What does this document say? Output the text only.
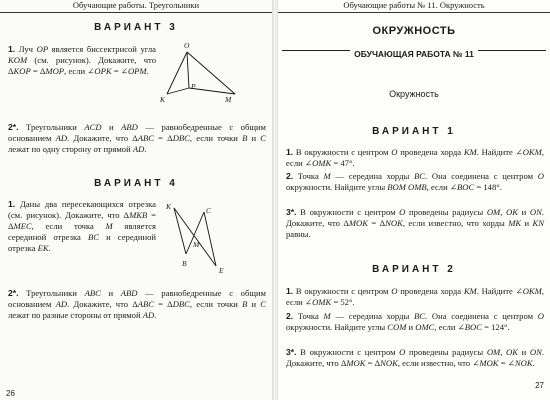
Обучающие работы. Треугольники
ВАРИАНТ 3

1. Луч OP является биссектрисой угла KOM (см. рисунок). Докажите, что ΔKOP = ΔMOP, если ∠OPK = ∠OPM.

O
P
K	M

2*. Треугольники ACD и ABD — равнобедренные с общим основанием AD. Докажите, что ΔABC = ΔDBC, если точки B и C лежат по одну сторону от прямой AD.

ВАРИАНТ 4

1. Даны два пересекающихся отрезка (см. рисунок). Докажите, что ΔMKB = ΔMEC, если точка M является серединой отрезка BC и серединой отрезка EK.

K	C
M
B
E

2*. Треугольники ABC и ABD — равнобедренные с общим основанием AD. Докажите, что ΔABC = ΔDBC, если точки B и C лежат по разные стороны от прямой AD.

26
Обучающие работы № 11. Окружность
ОКРУЖНОСТЬ
ОБУЧАЮЩАЯ РАБОТА № 11
Окружность
ВАРИАНТ 1

1. В окружности с центром O проведена хорда KM. Найдите ∠OKM, если ∠OMK = 47°.

2. Точка M — середина хорды BC. Она соединена с центром O окружности. Найдите углы BOM OMB, если ∠BOC = 148°.

3*. В окружности с центром O проведены радиусы OM, OK и ON. Докажите, что ΔMOK = ΔNOK, если известно, что хорды MK и KN равны.

ВАРИАНТ 2

1. В окружности с центром O проведена хорда KM. Найдите ∠OKM, если ∠OMK = 52°.

2. Точка M — середина хорды BC. Она соединена с центром O окружности. Найдите углы COM и OMC, если ∠BOC = 124°.

3*. В окружности с центром O проведены радиусы OM, OK и ON. Докажите, что ΔMOK = ΔNOK, если известно, что ∠MOK = ∠NOK.

27
